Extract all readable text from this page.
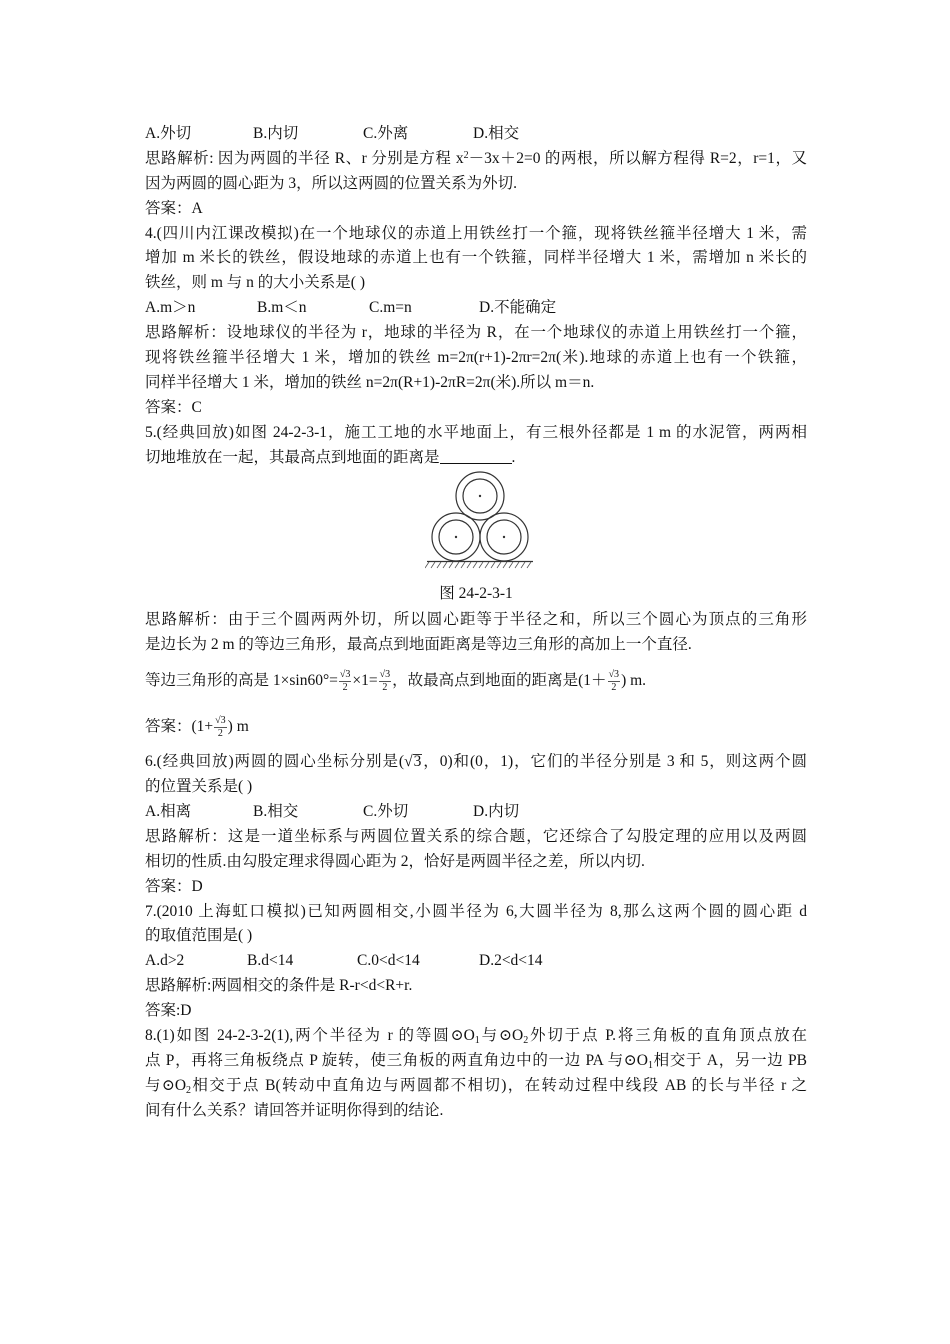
A.外切	B.内切	C.外离	D.相交
思路解析: 因为两圆的半径 R、r 分别是方程 $x^2-3x+2=0$ 的两根，所以解方程得 R=2，r=1，又
因为两圆的圆心距为 3，所以这两圆的位置关系为外切.
答案：A
4.(四川内江课改模拟)在一个地球仪的赤道上用铁丝打一个箍，现将铁丝箍半径增大 1 米，需
增加 m 米长的铁丝，假设地球的赤道上也有一个铁箍，同样半径增大 1 米，需增加 n 米长的
铁丝，则 m 与 n 的大小关系是( )
A.m＞n	B.m＜n	C.m=n	D.不能确定
思路解析：设地球仪的半径为 r，地球的半径为 R，在一个地球仪的赤道上用铁丝打一个箍，
现将铁丝箍半径增大 1 米，增加的铁丝 m=2π(r+1)-2πr=2π(米).地球的赤道上也有一个铁箍，
同样半径增大 1 米，增加的铁丝 n=2π(R+1)-2πR=2π(米).所以 m＝n.
答案：C
5.(经典回放)如图 24-2-3-1，施工工地的水平地面上，有三根外径都是 1 m 的水泥管，两两相
切地堆放在一起，其最高点到地面的距离是	.
图 24-2-3-1
思路解析：由于三个圆两两外切，所以圆心距等于半径之和，所以三个圆心为顶点的三角形
是边长为 2 m 的等边三角形，最高点到地面距离是等边三角形的高加上一个直径.
等边三角形的高是 $1\times\sin 60^\circ= \frac{√3}{2} \times 1= \frac{√3}{2}$ ，故最高点到地面的距离是($1+ \frac{√3}{2}$ ) m.
答案：($1+ \frac{√3}{2}$ ) m
6.(经典回放)两圆的圆心坐标分别是(√3，0)和(0，1)，它们的半径分别是 3 和 5，则这两个圆
的位置关系是( )
A.相离	B.相交	C.外切	D.内切
思路解析：这是一道坐标系与两圆位置关系的综合题，它还综合了勾股定理的应用以及两圆
相切的性质.由勾股定理求得圆心距为 2，恰好是两圆半径之差，所以内切.
答案：D
7.(2010 上海虹口模拟)已知两圆相交,小圆半径为 6,大圆半径为 8,那么这两个圆的圆心距 d
的取值范围是( )
A.d>2	B.d<14	C.0<d<14	D.2<d<14
思路解析:两圆相交的条件是 R-r<d<R+r.
答案:D
8.(1)如图 24-2-3-2(1),两个半径为 r 的等圆$⊙O_1$与$⊙O_2$外切于点 P.将三角板的直角顶点放在
点 P，再将三角板绕点 P 旋转，使三角板的两直角边中的一边 PA 与$⊙O_1$相交于 A，另一边 PB
与$⊙O_2$相交于点 B(转动中直角边与两圆都不相切)，在转动过程中线段 AB 的长与半径 r 之
间有什么关系？请回答并证明你得到的结论.
